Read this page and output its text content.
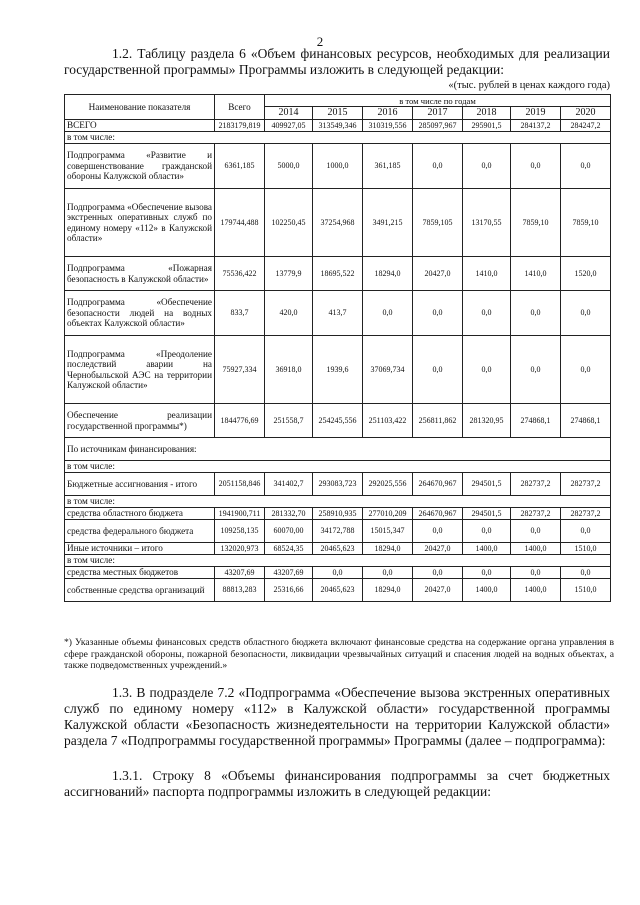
2
1.2. Таблицу раздела 6 «Объем финансовых ресурсов, необходимых для реализации государственной программы» Программы изложить в следующей редакции:
«(тыс. рублей в ценах каждого года)
Наименование показателя	Всего	в том числе по годам						
		2014	2015	2016	2017	2018	2019	2020
ВСЕГО	2183179,819	409927,05	313549,346	310319,556	285097,967	295901,5	284137,2	284247,2
в том числе:								
Подпрограмма «Развитие и совершенствование гражданской обороны Калужской области»	6361,185	5000,0	1000,0	361,185	0,0	0,0	0,0	0,0
Подпрограмма «Обеспечение вызова экстренных оперативных служб по единому номеру «112» в Калужской области»	179744,488	102250,45	37254,968	3491,215	7859,105	13170,55	7859,10	7859,10
Подпрограмма «Пожарная безопасность в Калужской области»	75536,422	13779,9	18695,522	18294,0	20427,0	1410,0	1410,0	1520,0
Подпрограмма «Обеспечение безопасности людей на водных объектах Калужской области»	833,7	420,0	413,7	0,0	0,0	0,0	0,0	0,0
Подпрограмма «Преодоление последствий аварии на Чернобыльской АЭС на территории Калужской области»	75927,334	36918,0	1939,6	37069,734	0,0	0,0	0,0	0,0
Обеспечение реализации государственной программы*)	1844776,69	251558,7	254245,556	251103,422	256811,862	281320,95	274868,1	274868,1
По источникам финансирования:								
в том числе:								
Бюджетные ассигнования - итого	2051158,846	341402,7	293083,723	292025,556	264670,967	294501,5	282737,2	282737,2
в том числе:								
средства областного бюджета	1941900,711	281332,70	258910,935	277010,209	264670,967	294501,5	282737,2	282737,2
средства федерального бюджета	109258,135	60070,00	34172,788	15015,347	0,0	0,0	0,0	0,0
Иные источники – итого	132020,973	68524,35	20465,623	18294,0	20427,0	1400,0	1400,0	1510,0
в том числе:								
средства местных бюджетов	43207,69	43207,69	0,0	0,0	0,0	0,0	0,0	0,0
собственные средства организаций	88813,283	25316,66	20465,623	18294,0	20427,0	1400,0	1400,0	1510,0
*) Указанные объемы финансовых средств областного бюджета включают финансовые средства на содержание органа управления в сфере гражданской обороны, пожарной безопасности, ликвидации чрезвычайных ситуаций и спасения людей на водных объектах, а также подведомственных учреждений.»
1.3. В подразделе 7.2 «Подпрограмма «Обеспечение вызова экстренных оперативных служб по единому номеру «112» в Калужской области» государственной программы Калужской области «Безопасность жизнедеятельности на территории Калужской области» раздела 7 «Подпрограммы государственной программы» Программы (далее – подпрограмма):
1.3.1. Строку 8 «Объемы финансирования подпрограммы за счет бюджетных ассигнований» паспорта подпрограммы изложить в следующей редакции:
